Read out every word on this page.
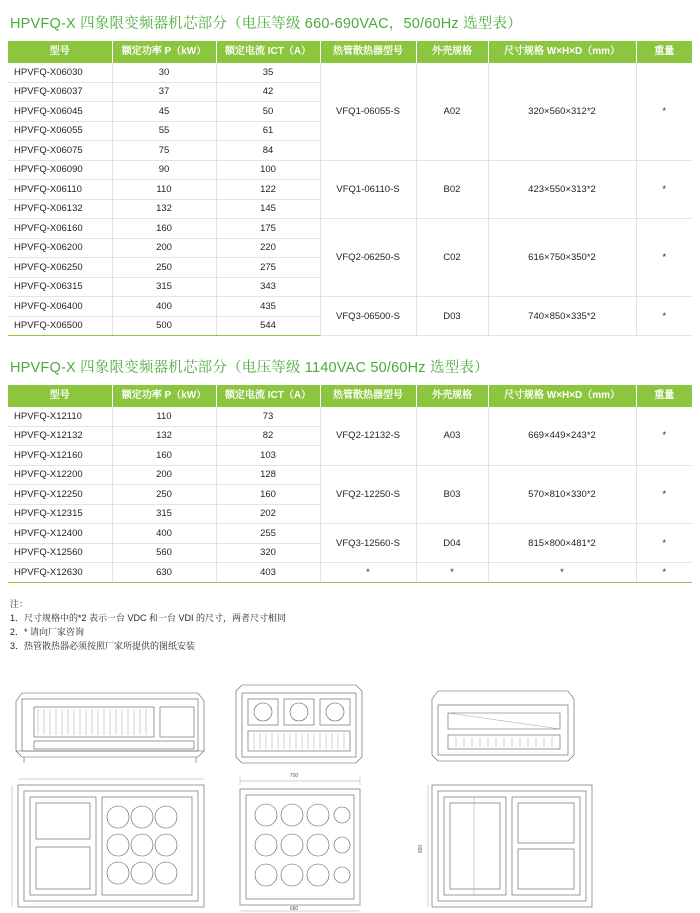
HPVFQ-X 四象限变频器机芯部分（电压等级 660-690VAC，50/60Hz 选型表）
型号	额定功率 P（kW）	额定电流 ICT（A）	热管散热器型号	外壳规格	尺寸规格 W×H×D（mm）	重量
HPVFQ-X06030	30	35	VFQ1-06055-S	A02	320×560×312*2	*
HPVFQ-X06037	37	42				
HPVFQ-X06045	45	50				
HPVFQ-X06055	55	61				
HPVFQ-X06075	75	84				
HPVFQ-X06090	90	100	VFQ1-06110-S	B02	423×550×313*2	*
HPVFQ-X06110	110	122				
HPVFQ-X06132	132	145				
HPVFQ-X06160	160	175	VFQ2-06250-S	C02	616×750×350*2	*
HPVFQ-X06200	200	220				
HPVFQ-X06250	250	275				
HPVFQ-X06315	315	343				
HPVFQ-X06400	400	435	VFQ3-06500-S	D03	740×850×335*2	*
HPVFQ-X06500	500	544				
HPVFQ-X 四象限变频器机芯部分（电压等级 1140VAC 50/60Hz 选型表）
型号	额定功率 P（kW）	额定电流 ICT（A）	热管散热器型号	外壳规格	尺寸规格 W×H×D（mm）	重量
HPVFQ-X12110	110	73	VFQ2-12132-S	A03	669×449×243*2	*
HPVFQ-X12132	132	82				
HPVFQ-X12160	160	103				
HPVFQ-X12200	200	128	VFQ2-12250-S	B03	570×810×330*2	*
HPVFQ-X12250	250	160				
HPVFQ-X12315	315	202				
HPVFQ-X12400	400	255	VFQ3-12560-S	D04	815×800×481*2	*
HPVFQ-X12560	560	320				
HPVFQ-X12630	630	403	*	*	*	*
注：
1．尺寸规格中的*2 表示一台 VDC 和一台 VDI 的尺寸，两者尺寸相同
2．* 请向厂家咨询
3．热管散热器必须按照厂家所提供的图纸安装
700
680
850
